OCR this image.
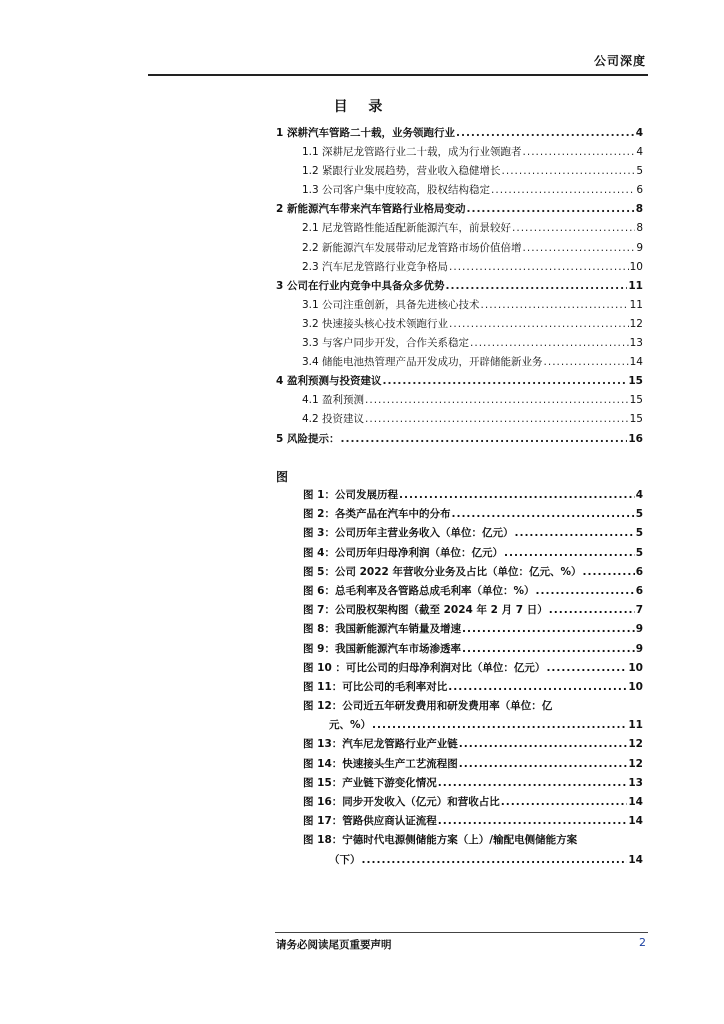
公司深度
目 录
1 深耕汽车管路二十载，业务领跑行业 .....	4
1.1 深耕尼龙管路行业二十载，成为行业领跑者 .....	4
1.2 紧跟行业发展趋势，营业收入稳健增长 .....	5
1.3 公司客户集中度较高，股权结构稳定 .....	6
2 新能源汽车带来汽车管路行业格局变动 .....	8
2.1 尼龙管路性能适配新能源汽车，前景较好 .....	8
2.2 新能源汽车发展带动尼龙管路市场价值倍增 .....	9
2.3 汽车尼龙管路行业竞争格局 .....	10
3 公司在行业内竞争中具备众多优势 .....	11
3.1 公司注重创新，具备先进核心技术 .....	11
3.2 快速接头核心技术领跑行业 .....	12
3.3 与客户同步开发，合作关系稳定 .....	13
3.4 储能电池热管理产品开发成功，开辟储能新业务 .....	14
4 盈利预测与投资建议 .....	15
4.1 盈利预测 .....	15
4.2 投资建议 .....	15
5 风险提示： .....	16
图
图 1：公司发展历程 .....	4
图 2：各类产品在汽车中的分布 .....	5
图 3：公司历年主营业务收入（单位：亿元） .....	5
图 4：公司历年归母净利润（单位：亿元） .....	5
图 5：公司 2022 年营收分业务及占比（单位：亿元、%） .....	6
图 6：总毛利率及各管路总成毛利率（单位：%） .....	6
图 7：公司股权架构图（截至 2024 年 2 月 7 日） .....	7
图 8：我国新能源汽车销量及增速 .....	9
图 9：我国新能源汽车市场渗透率 .....	9
图 10 ：可比公司的归母净利润对比（单位：亿元） .....	10
图 11：可比公司的毛利率对比 .....	10
图 12：公司近五年研发费用和研发费用率（单位：亿
元、%） .....	11
图 13：汽车尼龙管路行业产业链 .....	12
图 14：快速接头生产工艺流程图 .....	12
图 15：产业链下游变化情况 .....	13
图 16：同步开发收入（亿元）和营收占比 .....	14
图 17：管路供应商认证流程 .....	14
图 18：宁德时代电源侧储能方案（上）/输配电侧储能方案
（下） .....	14
请务必阅读尾页重要声明	2
